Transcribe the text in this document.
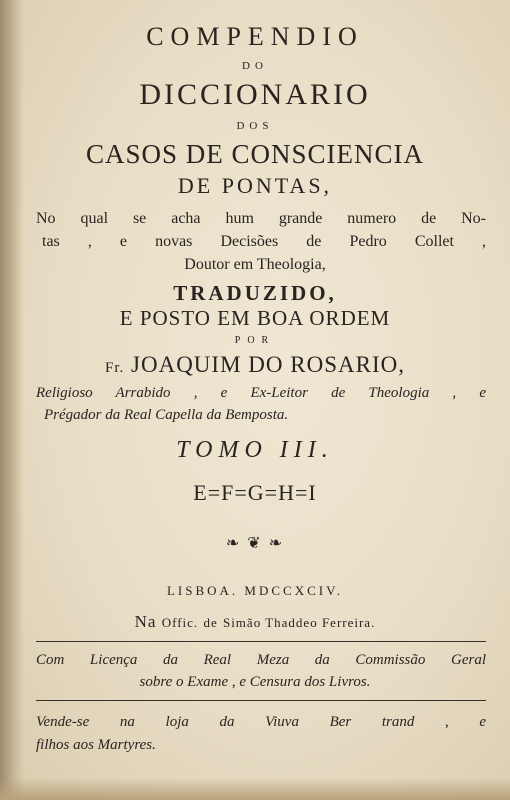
COMPENDIO
DO
DICCIONARIO
DOS
CASOS DE CONSCIENCIA
DE PONTAS,
No qual se acha hum grande numero de No-
tas , e novas Decisões de Pedro Collet ,
Doutor em Theologia,
TRADUZIDO,
E POSTO EM BOA ORDEM
POR
Fr. JOAQUIM DO ROSARIO,
Religioso Arrabido , e Ex-Leitor de Theologia , e
Prégador da Real Capella da Bemposta.
TOMO III.
E=F=G=H=I
❧ ❦ ❧
LISBOA. MDCCXCIV.
Na Offic. de Simão Thaddeo Ferreira.
Com Licença da Real Meza da Commissão Geral
sobre o Exame , e Censura dos Livros.
Vende-se na loja da Viuva Ber trand , e
filhos aos Martyres.
